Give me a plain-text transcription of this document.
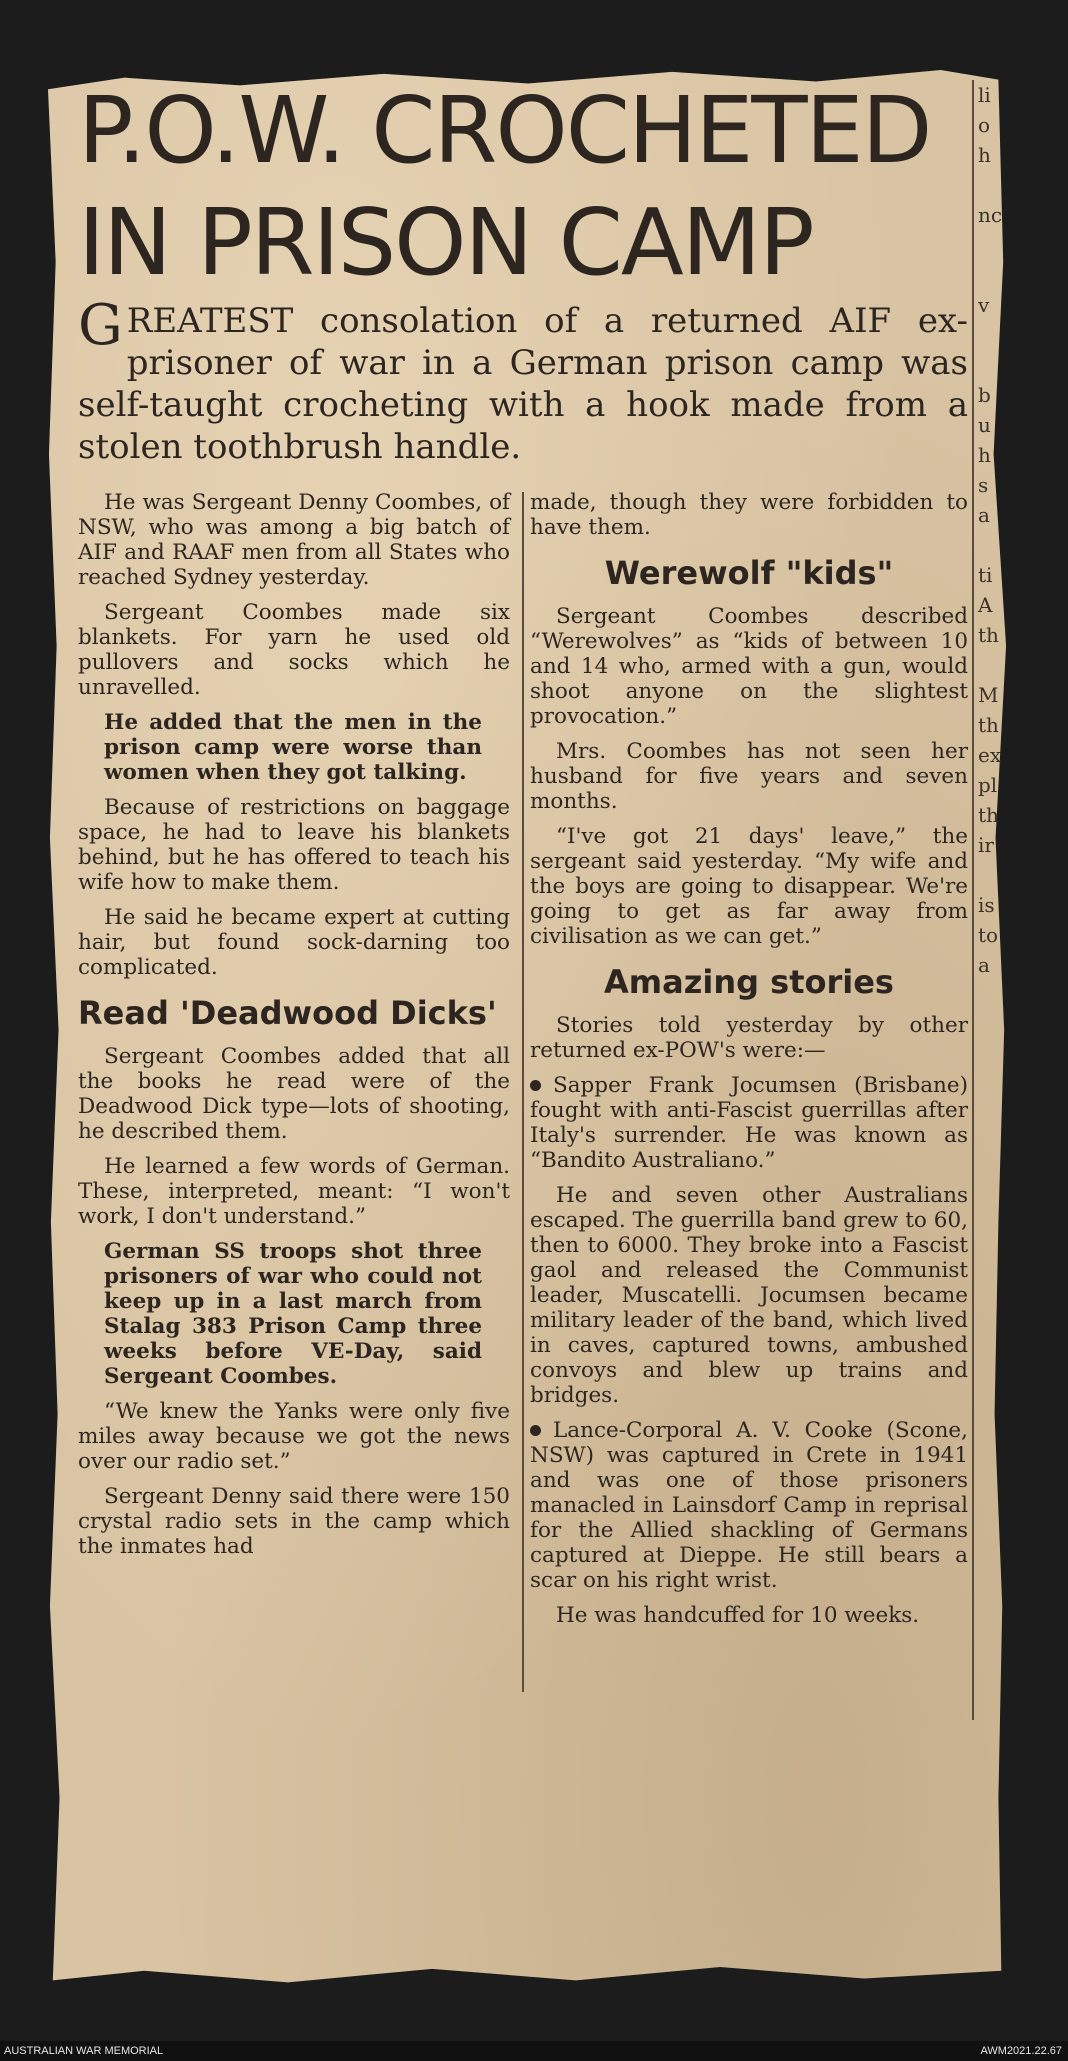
li
o
h

nc

v

b
u
h
s
a

ti
A
th

M
th
ex
pl
th
ir

is
to
a
P.O.W. CROCHETED IN PRISON CAMP

GREATEST consolation of a returned AIF ex-prisoner of war in a German prison camp was self-taught crocheting with a hook made from a stolen toothbrush handle.

He was Sergeant Denny Coombes, of NSW, who was among a big batch of AIF and RAAF men from all States who reached Sydney yesterday.

Sergeant Coombes made six blankets. For yarn he used old pullovers and socks which he unravelled.

He added that the men in the prison camp were worse than women when they got talking.

Because of restrictions on baggage space, he had to leave his blankets behind, but he has offered to teach his wife how to make them.

He said he became expert at cutting hair, but found sock-darning too complicated.

Read 'Deadwood Dicks'

Sergeant Coombes added that all the books he read were of the Deadwood Dick type—lots of shooting, he described them.

He learned a few words of German. These, interpreted, meant: “I won't work, I don't understand.”

German SS troops shot three prisoners of war who could not keep up in a last march from Stalag 383 Prison Camp three weeks before VE-Day, said Sergeant Coombes.

“We knew the Yanks were only five miles away because we got the news over our radio set.”

Sergeant Denny said there were 150 crystal radio sets in the camp which the inmates had

made, though they were forbidden to have them.

Werewolf "kids"

Sergeant Coombes described “Werewolves” as “kids of between 10 and 14 who, armed with a gun, would shoot anyone on the slightest provocation.”

Mrs. Coombes has not seen her husband for five years and seven months.

“I've got 21 days' leave,” the sergeant said yesterday. “My wife and the boys are going to disappear. We're going to get as far away from civilisation as we can get.”

Amazing stories

Stories told yesterday by other returned ex-POW's were:—

Sapper Frank Jocumsen (Brisbane) fought with anti-Fascist guerrillas after Italy's surrender. He was known as “Bandito Australiano.”

He and seven other Australians escaped. The guerrilla band grew to 60, then to 6000. They broke into a Fascist gaol and released the Communist leader, Muscatelli. Jocumsen became military leader of the band, which lived in caves, captured towns, ambushed convoys and blew up trains and bridges.

Lance-Corporal A. V. Cooke (Scone, NSW) was captured in Crete in 1941 and was one of those prisoners manacled in Lainsdorf Camp in reprisal for the Allied shackling of Germans captured at Dieppe. He still bears a scar on his right wrist.

He was handcuffed for 10 weeks.

AUSTRALIAN WAR MEMORIAL	AWM2021.22.67
